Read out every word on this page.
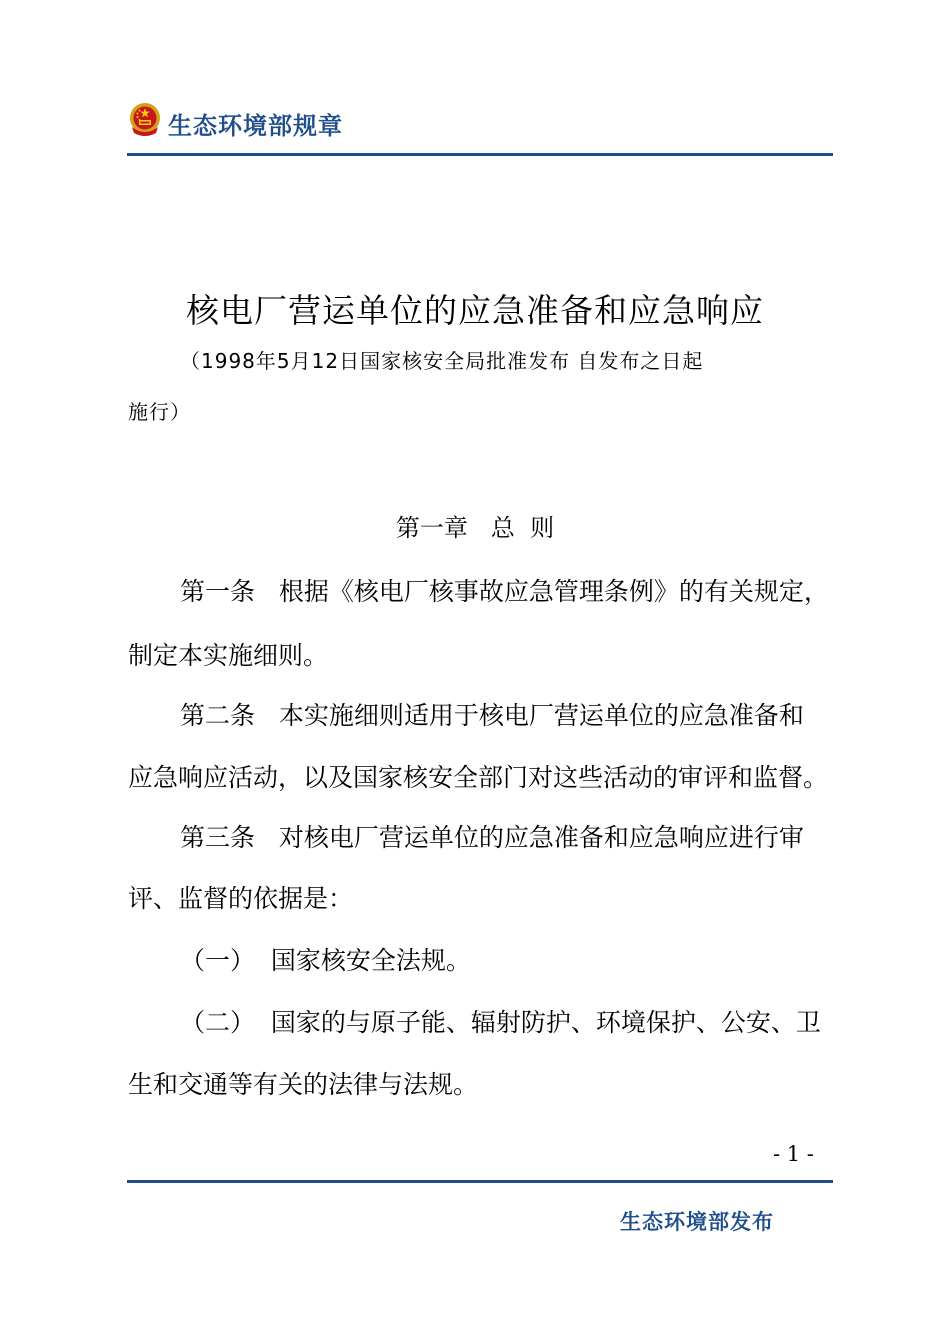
生态环境部规章
核电厂营运单位的应急准备和应急响应
（1998年5月12日国家核安全局批准发布 自发布之日起
施行）
第一章   总  则
第一条   根据《核电厂核事故应急管理条例》的有关规定，
制定本实施细则。
第二条   本实施细则适用于核电厂营运单位的应急准备和
应急响应活动，以及国家核安全部门对这些活动的审评和监督。
第三条   对核电厂营运单位的应急准备和应急响应进行审
评、监督的依据是：
（一）  国家核安全法规。
（二）  国家的与原子能、辐射防护、环境保护、公安、卫
生和交通等有关的法律与法规。
- 1 -
生态环境部发布
